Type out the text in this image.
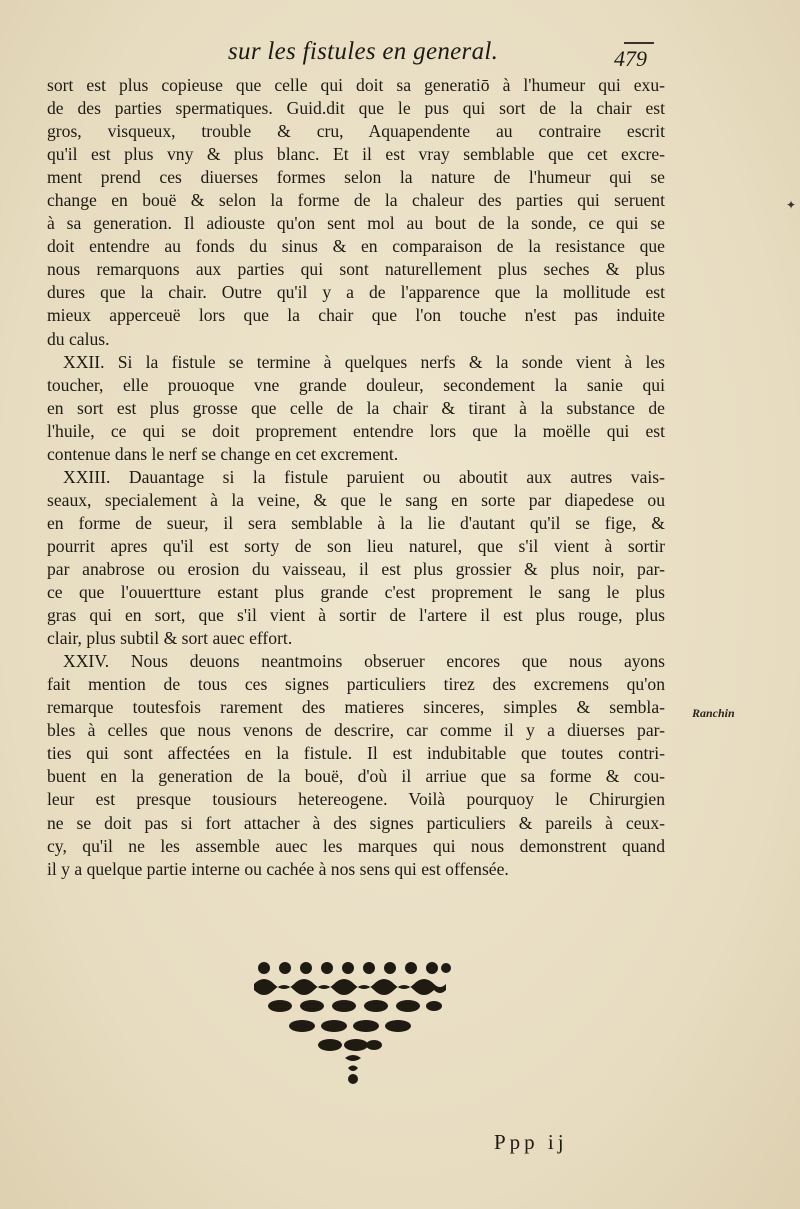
sur les fistules en general.	479
✦
sort est plus copieuse que celle qui doit sa generatiō à l'humeur qui exu-
de des parties spermatiques. Guid.dit que le pus qui sort de la chair est
gros, visqueux, trouble & cru, Aquapendente au contraire escrit
qu'il est plus vny & plus blanc. Et il est vray semblable que cet excre-
ment prend ces diuerses formes selon la nature de l'humeur qui se
change en bouë & selon la forme de la chaleur des parties qui seruent
à sa generation. Il adiouste qu'on sent mol au bout de la sonde, ce qui se
doit entendre au fonds du sinus & en comparaison de la resistance que
nous remarquons aux parties qui sont naturellement plus seches & plus
dures que la chair. Outre qu'il y a de l'apparence que la mollitude est
mieux apperceuë lors que la chair que l'on touche n'est pas induite
du calus.
XXII. Si la fistule se termine à quelques nerfs & la sonde vient à les
toucher, elle prouoque vne grande douleur, secondement la sanie qui
en sort est plus grosse que celle de la chair & tirant à la substance de
l'huile, ce qui se doit proprement entendre lors que la moëlle qui est
contenue dans le nerf se change en cet excrement.
XXIII. Dauantage si la fistule paruient ou aboutit aux autres vais-
seaux, specialement à la veine, & que le sang en sorte par diapedese ou
en forme de sueur, il sera semblable à la lie d'autant qu'il se fige, &
pourrit apres qu'il est sorty de son lieu naturel, que s'il vient à sortir
par anabrose ou erosion du vaisseau, il est plus grossier & plus noir, par-
ce que l'ouuertture estant plus grande c'est proprement le sang le plus
gras qui en sort, que s'il vient à sortir de l'artere il est plus rouge, plus
clair, plus subtil & sort auec effort.
XXIV. Nous deuons neantmoins obseruer encores que nous ayons
fait mention de tous ces signes particuliers tirez des excremens qu'on
remarque toutesfois rarement des matieres sinceres, simples & sembla-
bles à celles que nous venons de descrire, car comme il y a diuerses par-
ties qui sont affectées en la fistule. Il est indubitable que toutes contri-
buent en la generation de la bouë, d'où il arriue que sa forme & cou-
leur est presque tousiours hetereogene. Voilà pourquoy le Chirurgien
ne se doit pas si fort attacher à des signes particuliers & pareils à ceux-
cy, qu'il ne les assemble auec les marques qui nous demonstrent quand
il y a quelque partie interne ou cachée à nos sens qui est offensée.
Ranchin
Ppp ij
